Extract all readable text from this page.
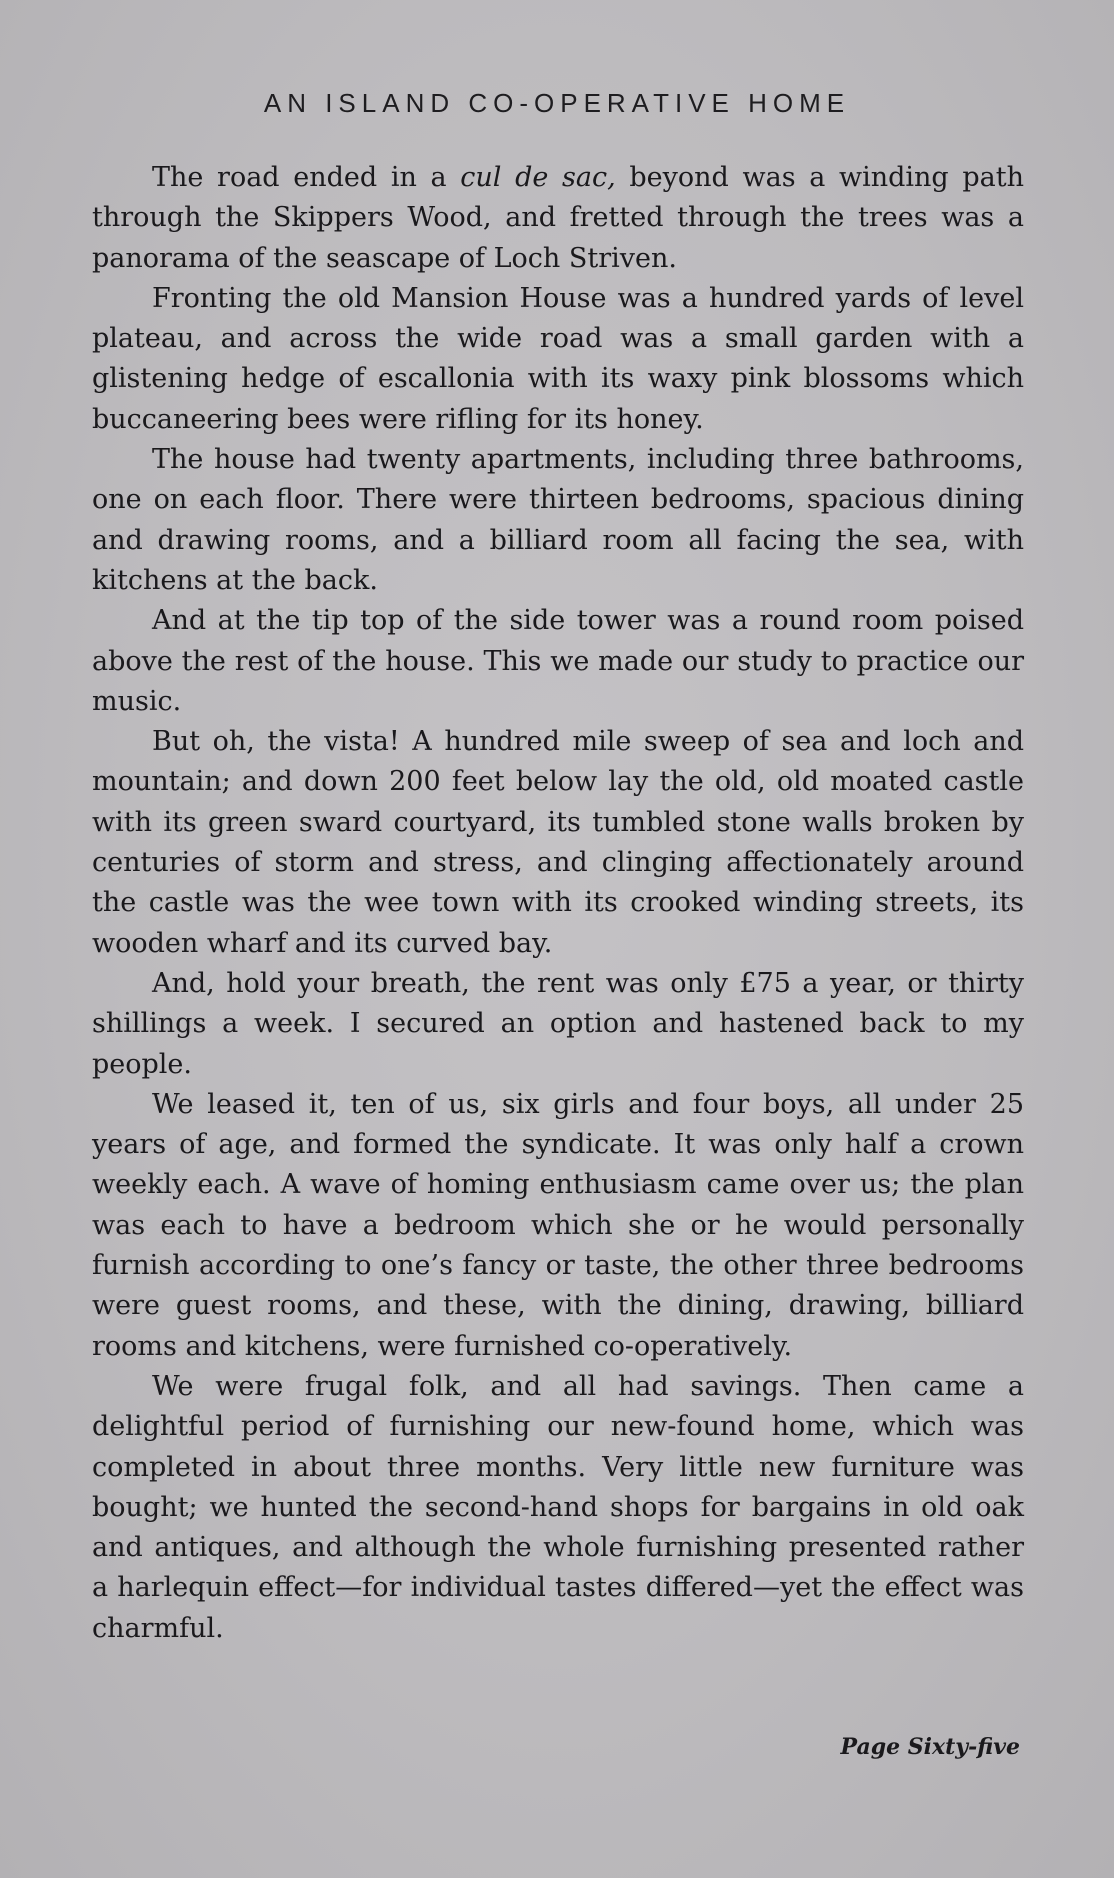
AN ISLAND CO-OPERATIVE HOME

The road ended in a cul de sac, beyond was a winding path through the Skippers Wood, and fretted through the trees was a panorama of the seascape of Loch Striven.

Fronting the old Mansion House was a hundred yards of level plateau, and across the wide road was a small garden with a glistening hedge of escallonia with its waxy pink blossoms which buccaneering bees were rifling for its honey.

The house had twenty apartments, including three bathrooms, one on each floor. There were thirteen bedrooms, spacious dining and drawing rooms, and a billiard room all facing the sea, with kitchens at the back.

And at the tip top of the side tower was a round room poised above the rest of the house. This we made our study to practice our music.

But oh, the vista! A hundred mile sweep of sea and loch and mountain; and down 200 feet below lay the old, old moated castle with its green sward courtyard, its tumbled stone walls broken by centuries of storm and stress, and clinging affectionately around the castle was the wee town with its crooked winding streets, its wooden wharf and its curved bay.

And, hold your breath, the rent was only £75 a year, or thirty shillings a week. I secured an option and hastened back to my people.

We leased it, ten of us, six girls and four boys, all under 25 years of age, and formed the syndicate. It was only half a crown weekly each. A wave of homing enthusiasm came over us; the plan was each to have a bedroom which she or he would personally furnish according to one’s fancy or taste, the other three bedrooms were guest rooms, and these, with the dining, drawing, billiard rooms and kitchens, were furnished co-operatively.

We were frugal folk, and all had savings. Then came a delightful period of furnishing our new-found home, which was completed in about three months. Very little new furniture was bought; we hunted the second-hand shops for bargains in old oak and antiques, and although the whole furnishing presented rather a harlequin effect—for individual tastes differed—yet the effect was charmful.

Page Sixty-five
